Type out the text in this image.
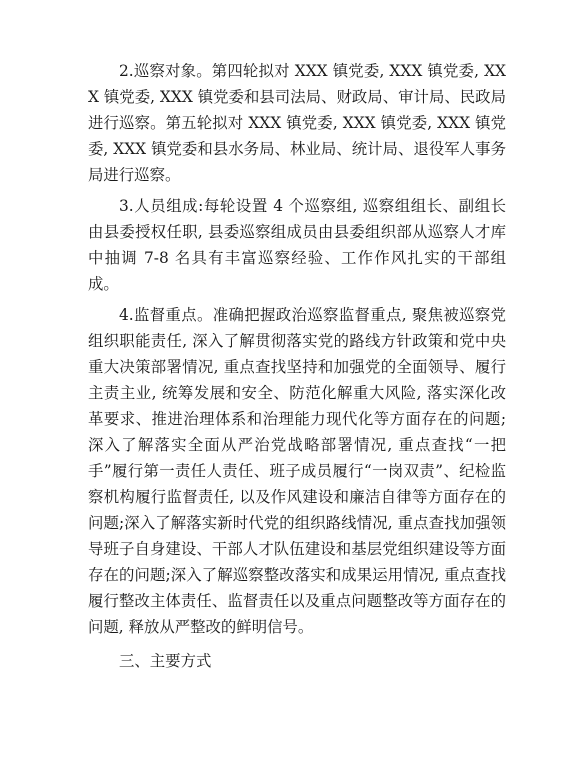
2.巡察对象。第四轮拟对 XXX 镇党委, XXX 镇党委, XXX 镇党委, XXX 镇党委和县司法局、财政局、审计局、民政局进行巡察。第五轮拟对 XXX 镇党委, XXX 镇党委, XXX 镇党委, XXX 镇党委和县水务局、林业局、统计局、退役军人事务局进行巡察。

3.人员组成:每轮设置 4 个巡察组, 巡察组组长、副组长由县委授权任职, 县委巡察组成员由县委组织部从巡察人才库中抽调 7-8 名具有丰富巡察经验、工作作风扎实的干部组成。

4.监督重点。准确把握政治巡察监督重点, 聚焦被巡察党组织职能责任, 深入了解贯彻落实党的路线方针政策和党中央重大决策部署情况, 重点查找坚持和加强党的全面领导、履行主责主业, 统筹发展和安全、防范化解重大风险, 落实深化改革要求、推进治理体系和治理能力现代化等方面存在的问题;深入了解落实全面从严治党战略部署情况, 重点查找“一把手”履行第一责任人责任、班子成员履行“一岗双责”、纪检监察机构履行监督责任, 以及作风建设和廉洁自律等方面存在的问题;深入了解落实新时代党的组织路线情况, 重点查找加强领导班子自身建设、干部人才队伍建设和基层党组织建设等方面存在的问题;深入了解巡察整改落实和成果运用情况, 重点查找履行整改主体责任、监督责任以及重点问题整改等方面存在的问题, 释放从严整改的鲜明信号。

三、主要方式
